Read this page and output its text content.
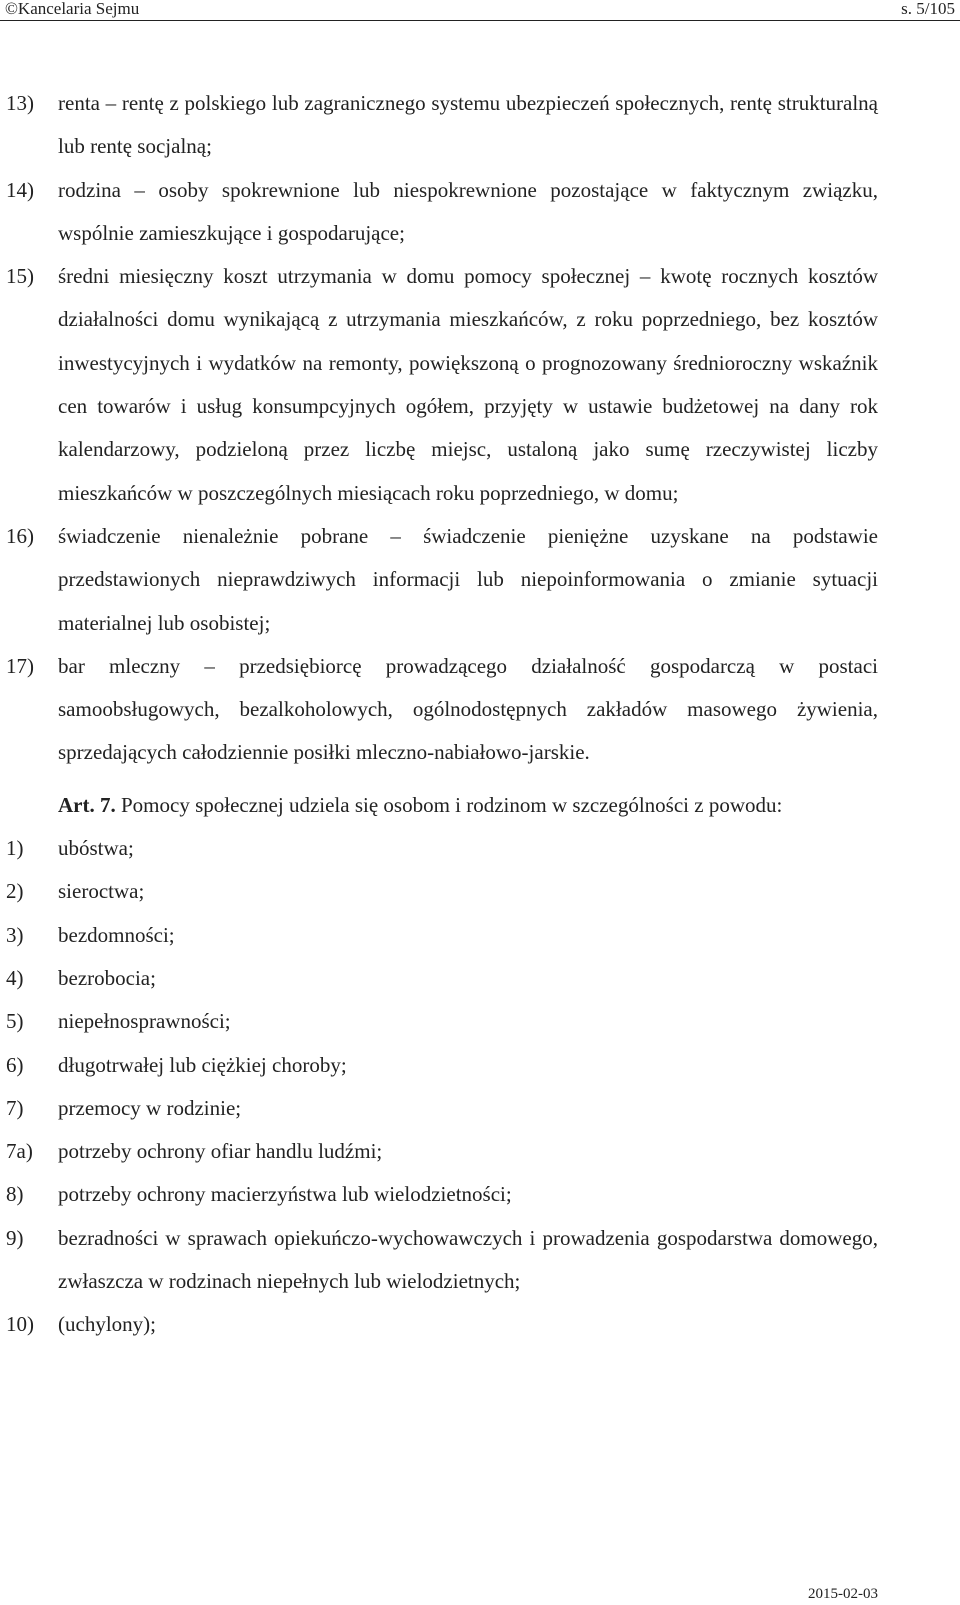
©Kancelaria Sejmu	s. 5/105
13) renta – rentę z polskiego lub zagranicznego systemu ubezpieczeń społecznych, rentę strukturalną lub rentę socjalną;
14) rodzina – osoby spokrewnione lub niespokrewnione pozostające w faktycznym związku, wspólnie zamieszkujące i gospodarujące;
15) średni miesięczny koszt utrzymania w domu pomocy społecznej – kwotę rocznych kosztów działalności domu wynikającą z utrzymania mieszkańców, z roku poprzedniego, bez kosztów inwestycyjnych i wydatków na remonty, powiększoną o prognozowany średnioroczny wskaźnik cen towarów i usług konsumpcyjnych ogółem, przyjęty w ustawie budżetowej na dany rok kalendarzowy, podzieloną przez liczbę miejsc, ustaloną jako sumę rzeczywistej liczby mieszkańców w poszczególnych miesiącach roku poprzedniego, w domu;
16) świadczenie nienależnie pobrane – świadczenie pieniężne uzyskane na podstawie przedstawionych nieprawdziwych informacji lub niepoinformowania o zmianie sytuacji materialnej lub osobistej;
17) bar mleczny – przedsiębiorcę prowadzącego działalność gospodarczą w postaci samoobsługowych, bezalkoholowych, ogólnodostępnych zakładów masowego żywienia, sprzedających całodziennie posiłki mleczno-nabiałowo-jarskie.

Art. 7. Pomocy społecznej udziela się osobom i rodzinom w szczególności z powodu:

1) ubóstwa;
2) sieroctwa;
3) bezdomności;
4) bezrobocia;
5) niepełnosprawności;
6) długotrwałej lub ciężkiej choroby;
7) przemocy w rodzinie;
7a) potrzeby ochrony ofiar handlu ludźmi;
8) potrzeby ochrony macierzyństwa lub wielodzietności;
9) bezradności w sprawach opiekuńczo-wychowawczych i prowadzenia gospodarstwa domowego, zwłaszcza w rodzinach niepełnych lub wielodzietnych;
10) (uchylony);
2015-02-03
